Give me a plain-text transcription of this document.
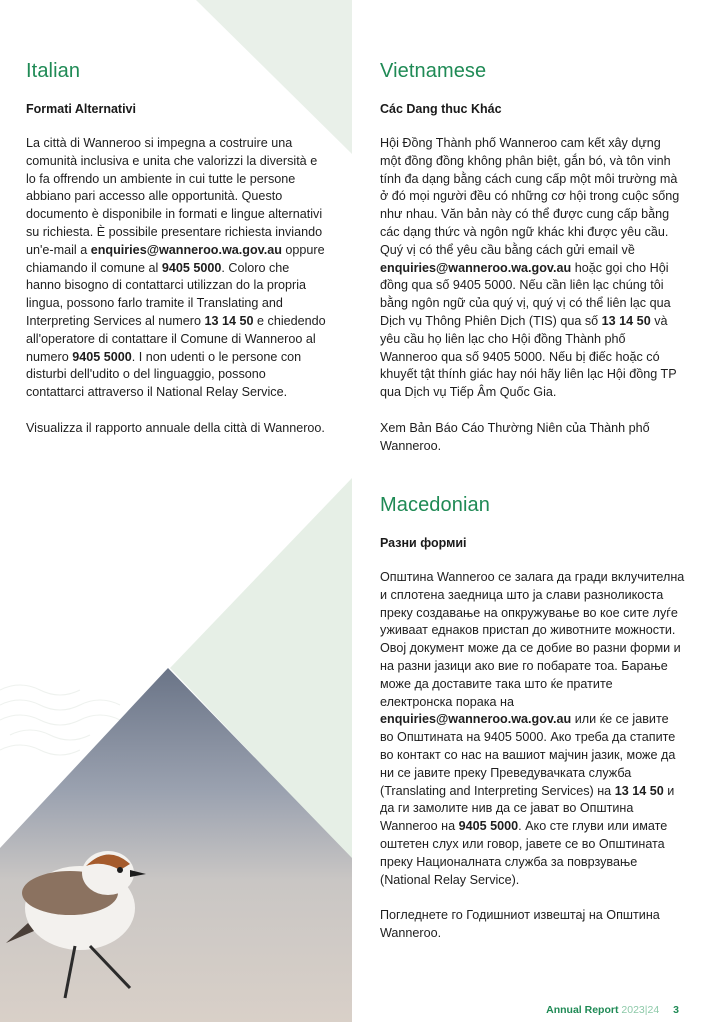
Italian
Formati Alternativi

La città di Wanneroo si impegna a costruire una comunità inclusiva e unita che valorizzi la diversità e lo fa offrendo un ambiente in cui tutte le persone abbiano pari accesso alle opportunità. Questo documento è disponibile in formati e lingue alternativi su richiesta. È possibile presentare richiesta inviando un'e-mail a enquiries@wanneroo.wa.gov.au oppure chiamando il comune al 9405 5000. Coloro che hanno bisogno di contattarci utilizzan do la propria lingua, possono farlo tramite il Translating and Interpreting Services al numero 13 14 50 e chiedendo all'operatore di contattare il Comune di Wanneroo al numero 9405 5000. I non udenti o le persone con disturbi dell'udito o del linguaggio, possono contattarci attraverso il National Relay Service.

Visualizza il rapporto annuale della città di Wanneroo.

Vietnamese
Các Dang thuc Khác

Hội Đồng Thành phố Wanneroo cam kết xây dựng một đồng đồng không phân biệt, gắn bó, và tôn vinh tính đa dạng bằng cách cung cấp một môi trường mà ở đó mọi người đều có những cơ hội trong cuộc sống như nhau. Văn bản này có thể được cung cấp bằng các dạng thức và ngôn ngữ khác khi được yêu cầu. Quý vị có thể yêu cầu bằng cách gửi email về enquiries@wanneroo.wa.gov.au hoặc gọi cho Hội đồng qua số 9405 5000. Nếu cần liên lạc chúng tôi bằng ngôn ngữ của quý vị, quý vị có thể liên lạc qua Dịch vụ Thông Phiên Dịch (TIS) qua số 13 14 50 và yêu cầu họ liên lạc cho Hội đồng Thành phố Wanneroo qua số 9405 5000. Nếu bị điếc hoặc có khuyết tật thính giác hay nói hãy liên lạc Hội đồng TP qua Dịch vụ Tiếp Âm Quốc Gia.

Xem Bản Báo Cáo Thường Niên của Thành phố Wanneroo.

Macedonian
Разни формиi

Општина Wanneroo се залага да гради вклучителна и сплотена заедница што ја слави разноликоста преку создавање на опкружување во кое сите луѓе уживаат еднаков пристап до животните можности. Овој документ може да се добие во разни форми и на разни јазици ако вие го побарате тоа. Барање може да доставите така што ќе пратите електронска порака на enquiries@wanneroo.wa.gov.au или ќе се јавите во Општината на 9405 5000. Ако треба да стапите во контакт со нас на вашиот мајчин јазик, може да ни се јавите преку Преведувачката служба (Translating and Interpreting Services) на 13 14 50 и да ги замолите нив да се јават во Општина Wanneroo на 9405 5000. Ако сте глуви или имате оштетен слух или говор, јавете се во Општината преку Националната служба за поврзување (National Relay Service).

Погледнете го Годишниот извештај на Општина Wanneroo.

Annual Report 2023|24 3
